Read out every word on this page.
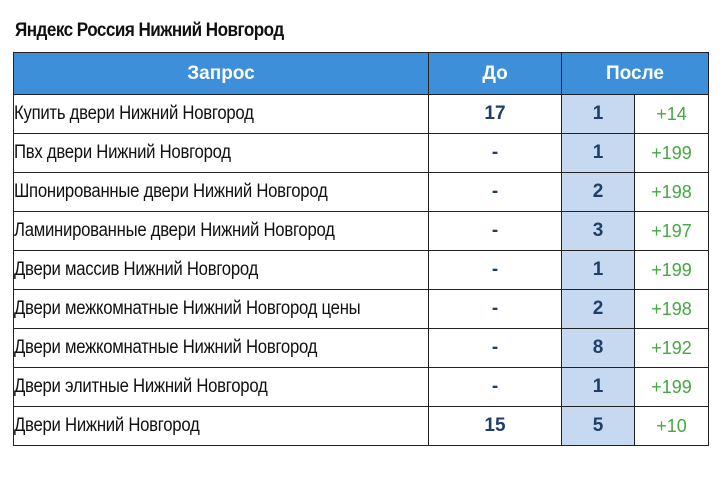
Яндекс Россия Нижний Новгород
Запрос	До	После	
Купить двери Нижний Новгород	17	1	+14
Пвх двери Нижний Новгород	-	1	+199
Шпонированные двери Нижний Новгород	-	2	+198
Ламинированные двери Нижний Новгород	-	3	+197
Двери массив Нижний Новгород	-	1	+199
Двери межкомнатные Нижний Новгород цены	-	2	+198
Двери межкомнатные Нижний Новгород	-	8	+192
Двери элитные Нижний Новгород	-	1	+199
Двери Нижний Новгород	15	5	+10
